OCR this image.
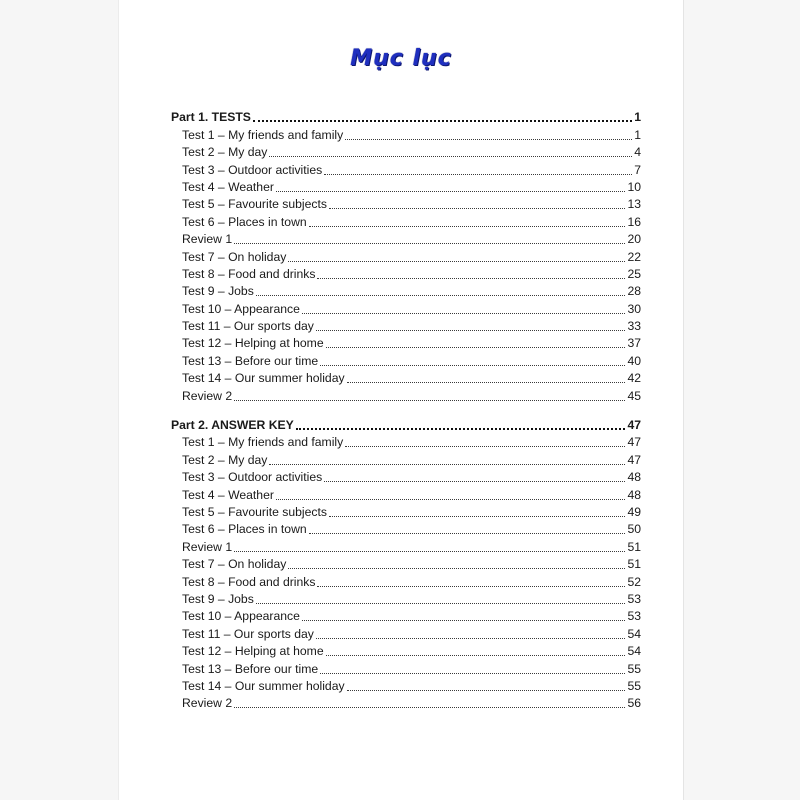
Mục lục
Part 1. TESTS	1
Test 1 – My friends and family	1
Test 2 – My day	4
Test 3 – Outdoor activities	7
Test 4 – Weather	10
Test 5 – Favourite subjects	13
Test 6 – Places in town	16
Review 1	20
Test 7 – On holiday	22
Test 8 – Food and drinks	25
Test 9 – Jobs	28
Test 10 – Appearance	30
Test 11 – Our sports day	33
Test 12 – Helping at home	37
Test 13 – Before our time	40
Test 14 – Our summer holiday	42
Review 2	45
Part 2. ANSWER KEY	47
Test 1 – My friends and family	47
Test 2 – My day	47
Test 3 – Outdoor activities	48
Test 4 – Weather	48
Test 5 – Favourite subjects	49
Test 6 – Places in town	50
Review 1	51
Test 7 – On holiday	51
Test 8 – Food and drinks	52
Test 9 – Jobs	53
Test 10 – Appearance	53
Test 11 – Our sports day	54
Test 12 – Helping at home	54
Test 13 – Before our time	55
Test 14 – Our summer holiday	55
Review 2	56
